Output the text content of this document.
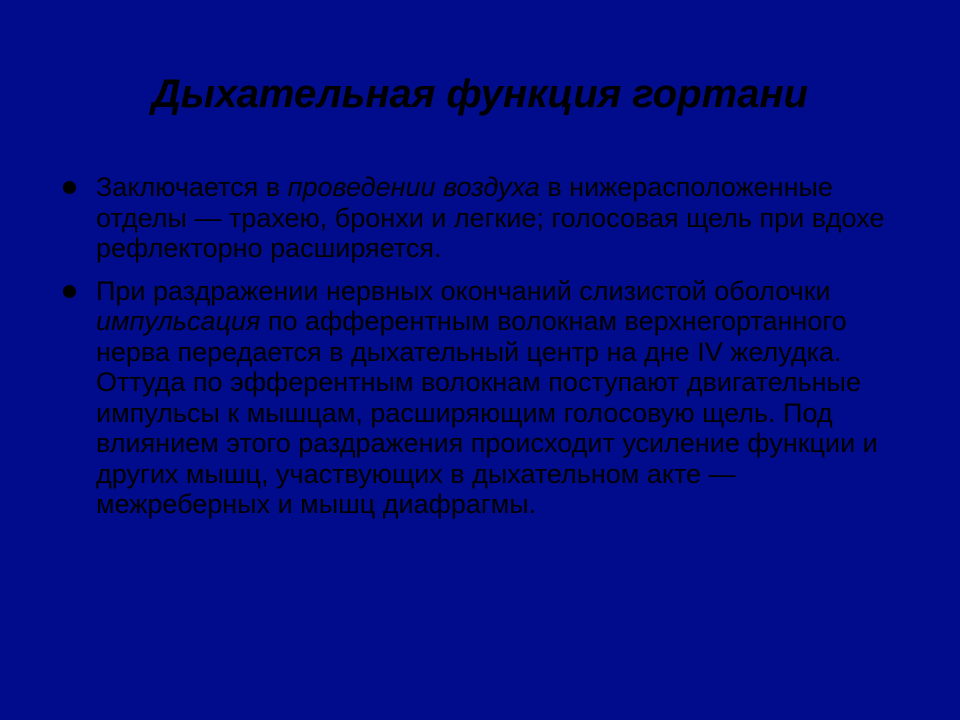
Дыхательная функция гортани
Заключается в проведении воздуха в нижерасположенные отделы — трахею, бронхи и легкие; голосовая щель при вдохе рефлекторно расширяется.
При раздражении нервных окончаний слизистой оболочки импульсация по афферентным волокнам верхнегортанного нерва передается в дыхательный центр на дне IV желудка. Оттуда по эфферентным волокнам поступают двигательные импульсы к мышцам, расширяющим голосовую щель. Под влиянием этого раздражения происходит усиление функции и других мышц, участвующих в дыхательном акте — межреберных и мышц диафрагмы.
